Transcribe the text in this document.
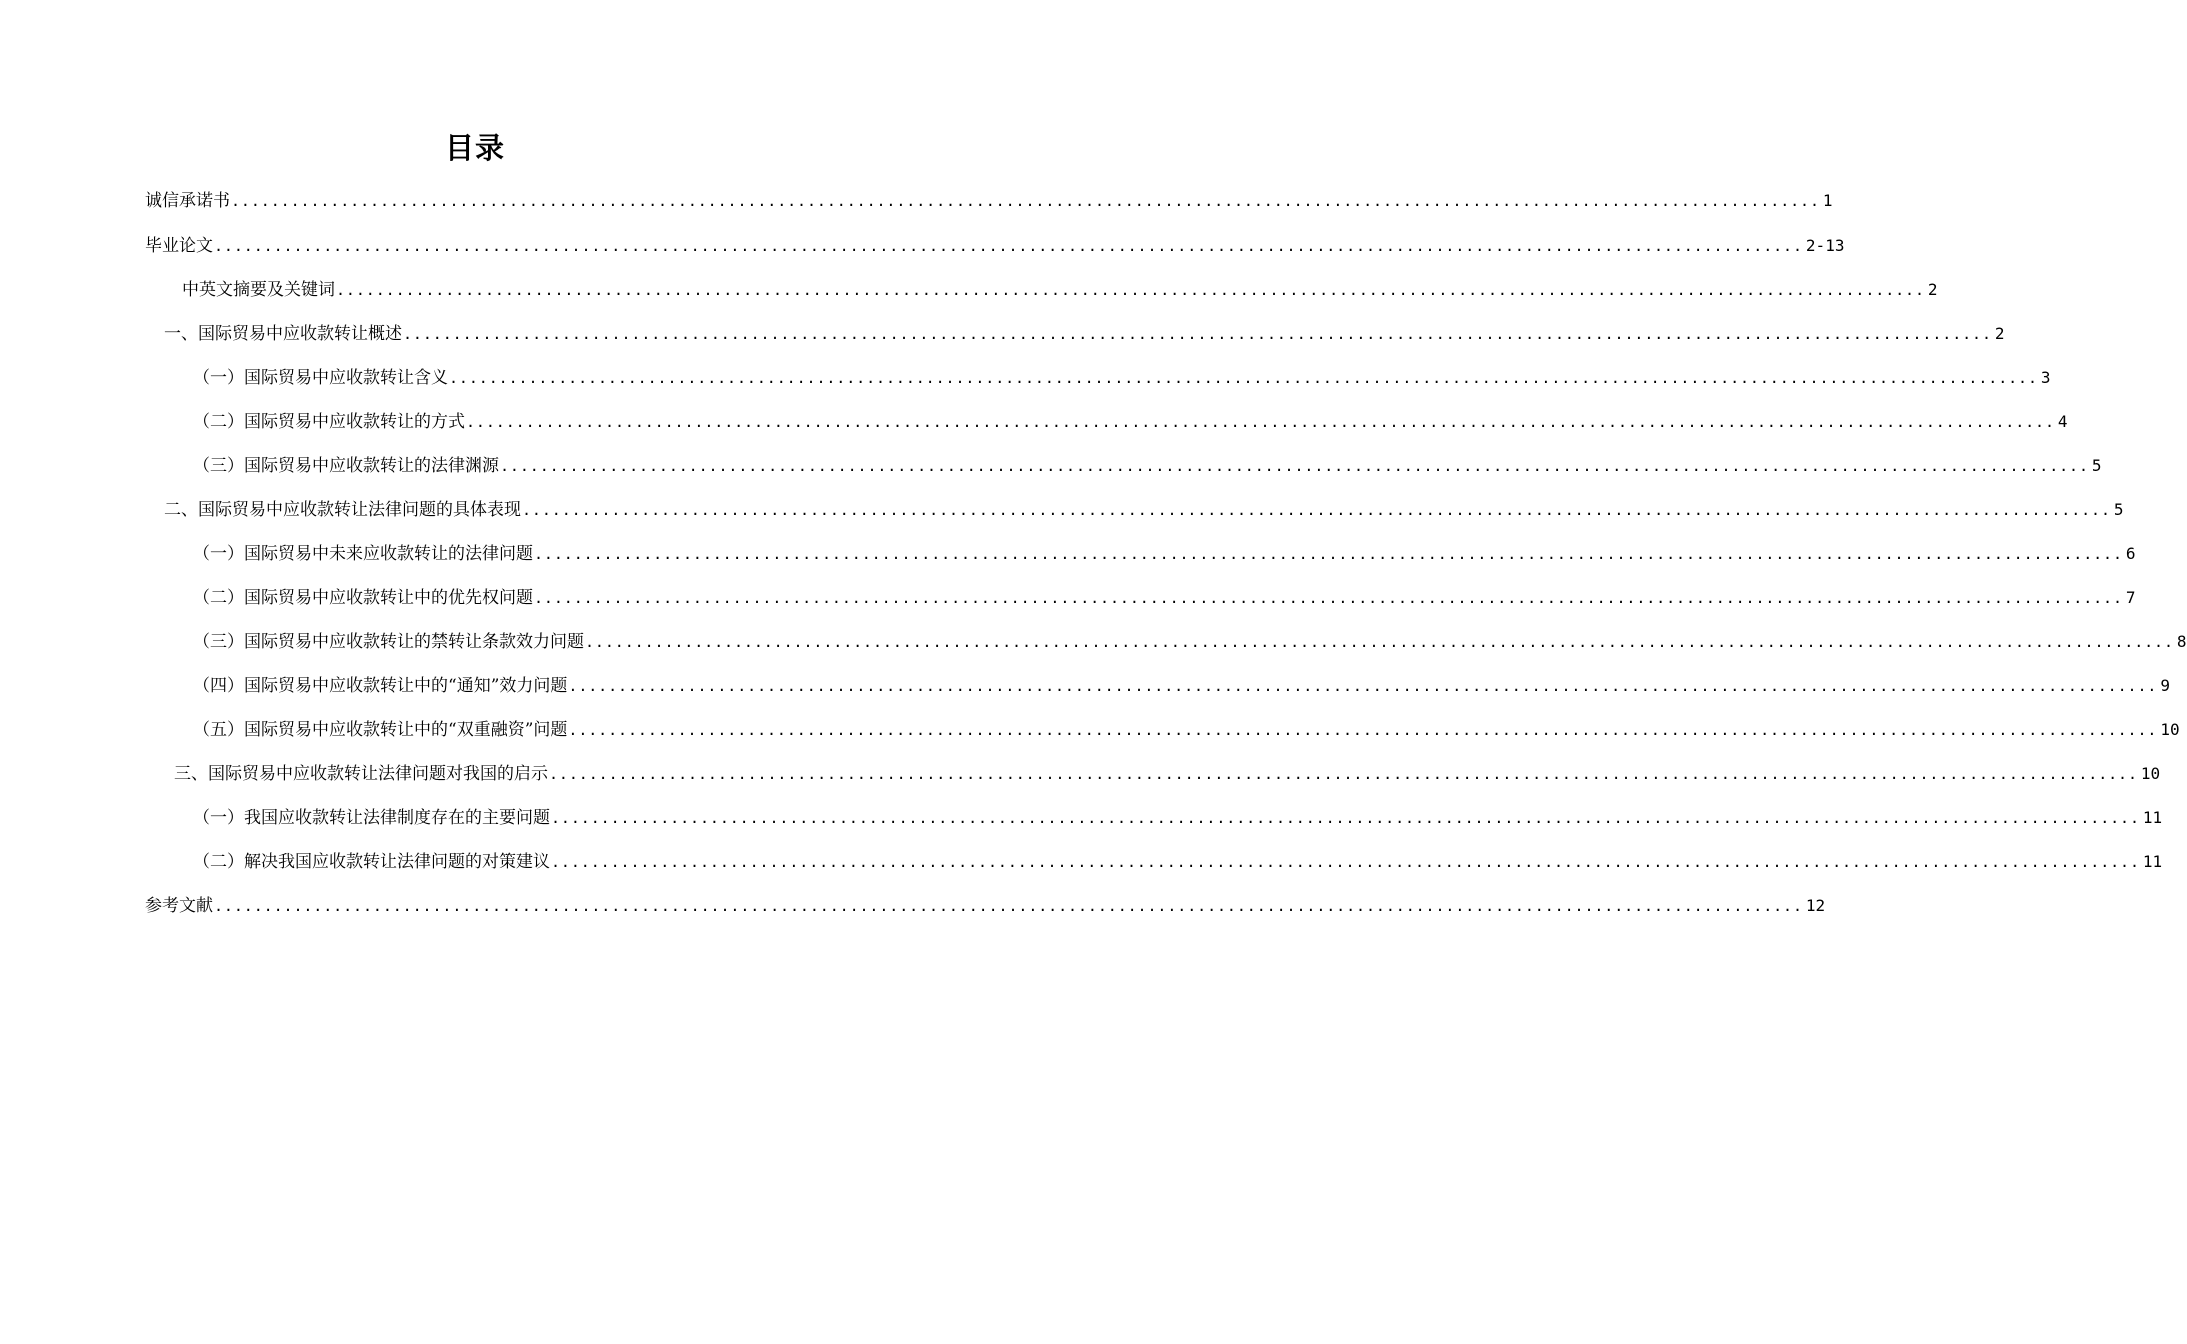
目录
诚信承诺书 ................................................................................................................................................................ 1
毕业论文 ................................................................................................................................................................ 2-13
中英文摘要及关键词 ................................................................................................................................................................ 2
一、国际贸易中应收款转让概述 ................................................................................................................................................................ 2
（一）国际贸易中应收款转让含义 ................................................................................................................................................................ 3
（二）国际贸易中应收款转让的方式 ................................................................................................................................................................ 4
（三）国际贸易中应收款转让的法律渊源 ................................................................................................................................................................ 5
二、国际贸易中应收款转让法律问题的具体表现 ................................................................................................................................................................ 5
（一）国际贸易中未来应收款转让的法律问题 ................................................................................................................................................................ 6
（二）国际贸易中应收款转让中的优先权问题 ................................................................................................................................................................ 7
（三）国际贸易中应收款转让的禁转让条款效力问题 ................................................................................................................................................................ 8
（四）国际贸易中应收款转让中的“通知”效力问题 ................................................................................................................................................................ 9
（五）国际贸易中应收款转让中的“双重融资”问题 ................................................................................................................................................................ 10
三、国际贸易中应收款转让法律问题对我国的启示 ................................................................................................................................................................ 10
（一）我国应收款转让法律制度存在的主要问题 ................................................................................................................................................................ 11
（二）解决我国应收款转让法律问题的对策建议 ................................................................................................................................................................ 11
参考文献 ................................................................................................................................................................ 12
